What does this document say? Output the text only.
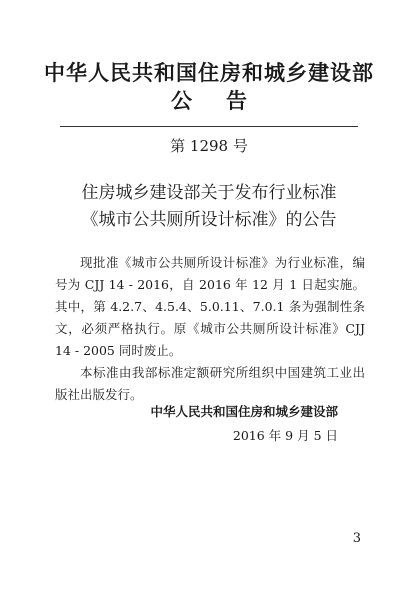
中华人民共和国住房和城乡建设部
公 告
第 1298 号
住房城乡建设部关于发布行业标准
《城市公共厕所设计标准》的公告

现批准《城市公共厕所设计标准》为行业标准，编号为 CJJ 14 - 2016，自 2016 年 12 月 1 日起实施。其中，第 4.2.7、4.5.4、5.0.11、7.0.1 条为强制性条文，必须严格执行。原《城市公共厕所设计标准》CJJ 14 - 2005 同时废止。

本标准由我部标准定额研究所组织中国建筑工业出版社出版发行。

中华人民共和国住房和城乡建设部
2016 年 9 月 5 日
3
